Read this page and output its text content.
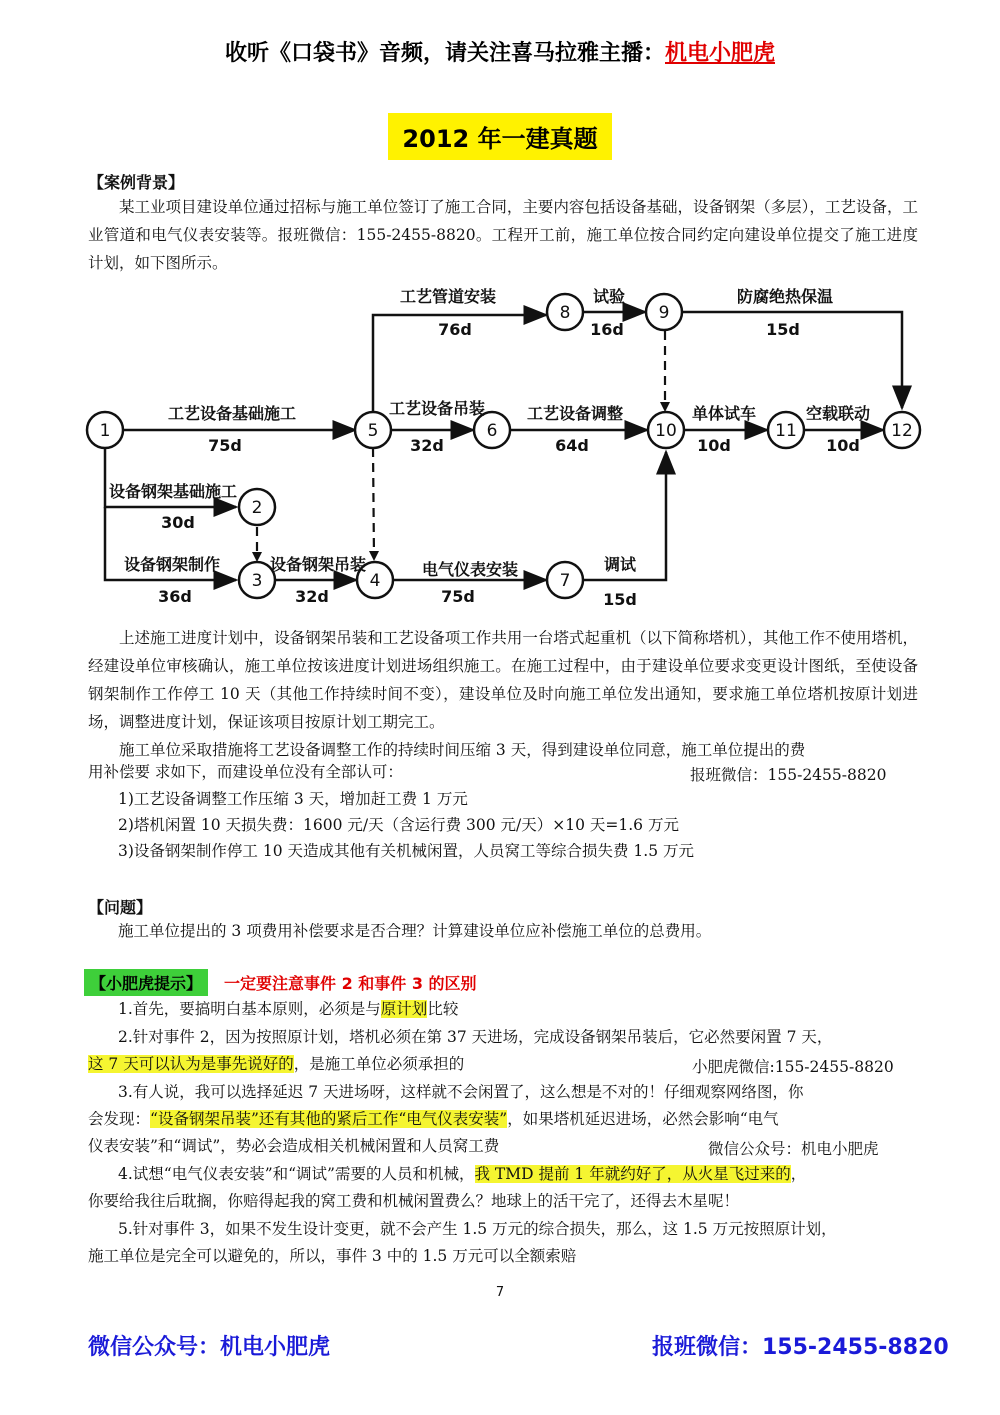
收听《口袋书》音频，请关注喜马拉雅主播：机电小肥虎
2012 年一建真题
【案例背景】
某工业项目建设单位通过招标与施工单位签订了施工合同，主要内容包括设备基础，设备钢架（多层），工艺设备，工业管道和电气仪表安装等。报班微信：155-2455-8820。工程开工前，施工单位按合同约定向建设单位提交了施工进度计划，如下图所示。
1
2
3	4
5	6
7
8	9
10	11	12
工艺管道安装
76d
试验
16d
防腐绝热保温
15d
工艺设备基础施工
75d
工艺设备吊装
32d
工艺设备调整
64d
单体试车
10d
空载联动
10d
设备钢架基础施工
30d
设备钢架制作
36d
设备钢架吊装
32d
电气仪表安装
75d
调试
15d
上述施工进度计划中，设备钢架吊装和工艺设备项工作共用一台塔式起重机（以下简称塔机），其他工作不使用塔机，经建设单位审核确认，施工单位按该进度计划进场组织施工。在施工过程中，由于建设单位要求变更设计图纸，至使设备钢架制作工作停工 10 天（其他工作持续时间不变），建设单位及时向施工单位发出通知，要求施工单位塔机按原计划进场，调整进度计划，保证该项目按原计划工期完工。
施工单位采取措施将工艺设备调整工作的持续时间压缩 3 天，得到建设单位同意，施工单位提出的费
用补偿要 求如下，而建设单位没有全部认可：	报班微信：155-2455-8820
1)工艺设备调整工作压缩 3 天，增加赶工费 1 万元
2)塔机闲置 10 天损失费：1600 元/天（含运行费 300 元/天）×10 天=1.6 万元
3)设备钢架制作停工 10 天造成其他有关机械闲置，人员窝工等综合损失费 1.5 万元
【问题】
施工单位提出的 3 项费用补偿要求是否合理？计算建设单位应补偿施工单位的总费用。
【小肥虎提示】	一定要注意事件 2 和事件 3 的区别
1.首先，要搞明白基本原则，必须是与原计划比较
2.针对事件 2，因为按照原计划，塔机必须在第 37 天进场，完成设备钢架吊装后，它必然要闲置 7 天，
这 7 天可以认为是事先说好的，是施工单位必须承担的	小肥虎微信:155-2455-8820
3.有人说，我可以选择延迟 7 天进场呀，这样就不会闲置了，这么想是不对的！仔细观察网络图，你
会发现：“设备钢架吊装”还有其他的紧后工作“电气仪表安装”，如果塔机延迟进场，必然会影响“电气
仪表安装”和“调试”，势必会造成相关机械闲置和人员窝工费	微信公众号：机电小肥虎
4.试想“电气仪表安装”和“调试”需要的人员和机械，我 TMD 提前 1 年就约好了，从火星飞过来的，
你要给我往后耽搁，你赔得起我的窝工费和机械闲置费么？地球上的活干完了，还得去木星呢！
5.针对事件 3，如果不发生设计变更，就不会产生 1.5 万元的综合损失，那么，这 1.5 万元按照原计划，
施工单位是完全可以避免的，所以，事件 3 中的 1.5 万元可以全额索赔
7
微信公众号：机电小肥虎	报班微信：155-2455-8820
